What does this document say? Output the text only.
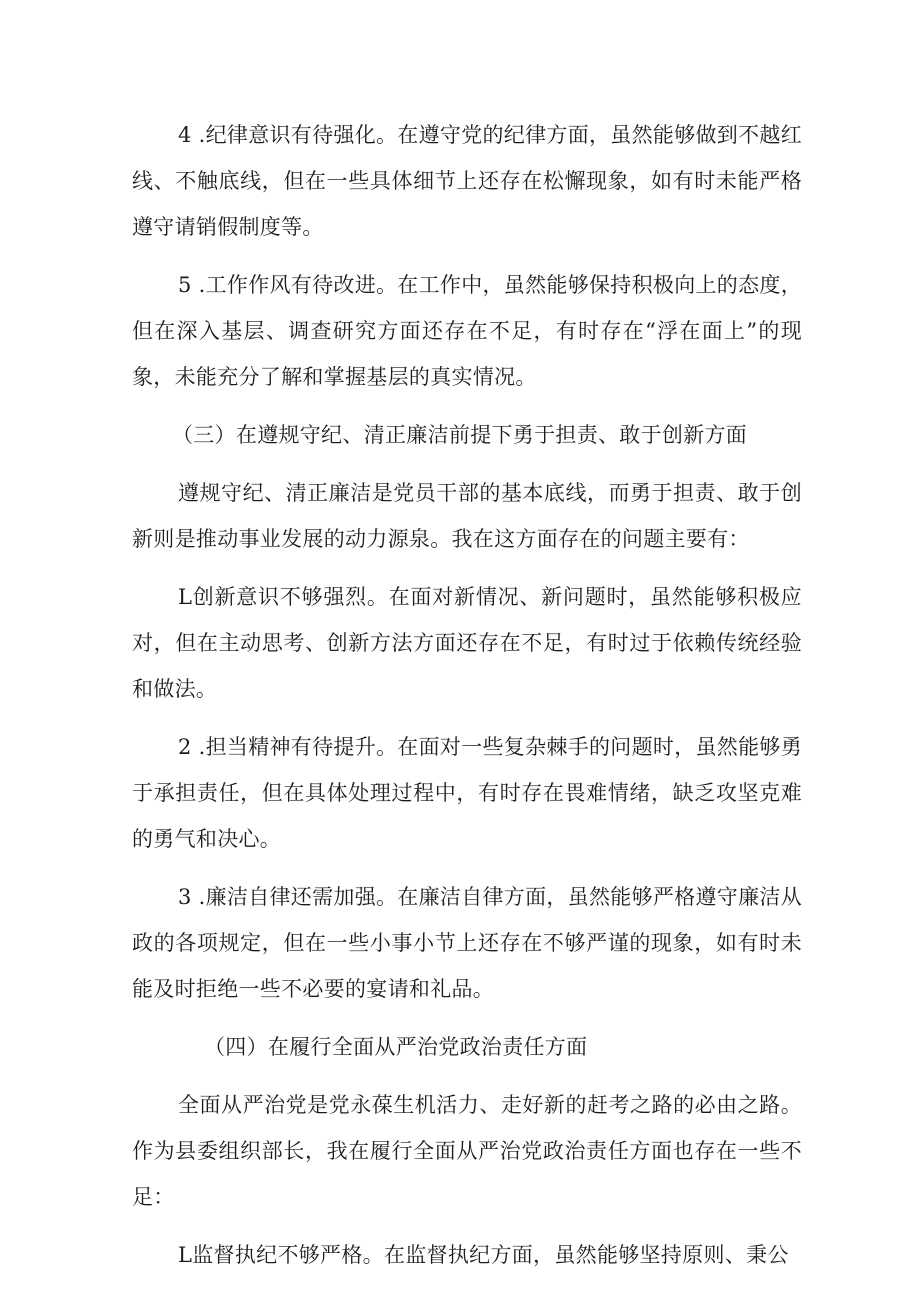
4 .纪律意识有待强化。在遵守党的纪律方面，虽然能够做到不越红线、不触底线，但在一些具体细节上还存在松懈现象，如有时未能严格遵守请销假制度等。

5 .工作作风有待改进。在工作中，虽然能够保持积极向上的态度，但在深入基层、调查研究方面还存在不足，有时存在“浮在面上”的现象，未能充分了解和掌握基层的真实情况。

（三）在遵规守纪、清正廉洁前提下勇于担责、敢于创新方面

遵规守纪、清正廉洁是党员干部的基本底线，而勇于担责、敢于创新则是推动事业发展的动力源泉。我在这方面存在的问题主要有：

L创新意识不够强烈。在面对新情况、新问题时，虽然能够积极应对，但在主动思考、创新方法方面还存在不足，有时过于依赖传统经验和做法。

2 .担当精神有待提升。在面对一些复杂棘手的问题时，虽然能够勇于承担责任，但在具体处理过程中，有时存在畏难情绪，缺乏攻坚克难的勇气和决心。

3 .廉洁自律还需加强。在廉洁自律方面，虽然能够严格遵守廉洁从政的各项规定，但在一些小事小节上还存在不够严谨的现象，如有时未能及时拒绝一些不必要的宴请和礼品。

（四）在履行全面从严治党政治责任方面

全面从严治党是党永葆生机活力、走好新的赶考之路的必由之路。作为县委组织部长，我在履行全面从严治党政治责任方面也存在一些不足：

L监督执纪不够严格。在监督执纪方面，虽然能够坚持原则、秉公
